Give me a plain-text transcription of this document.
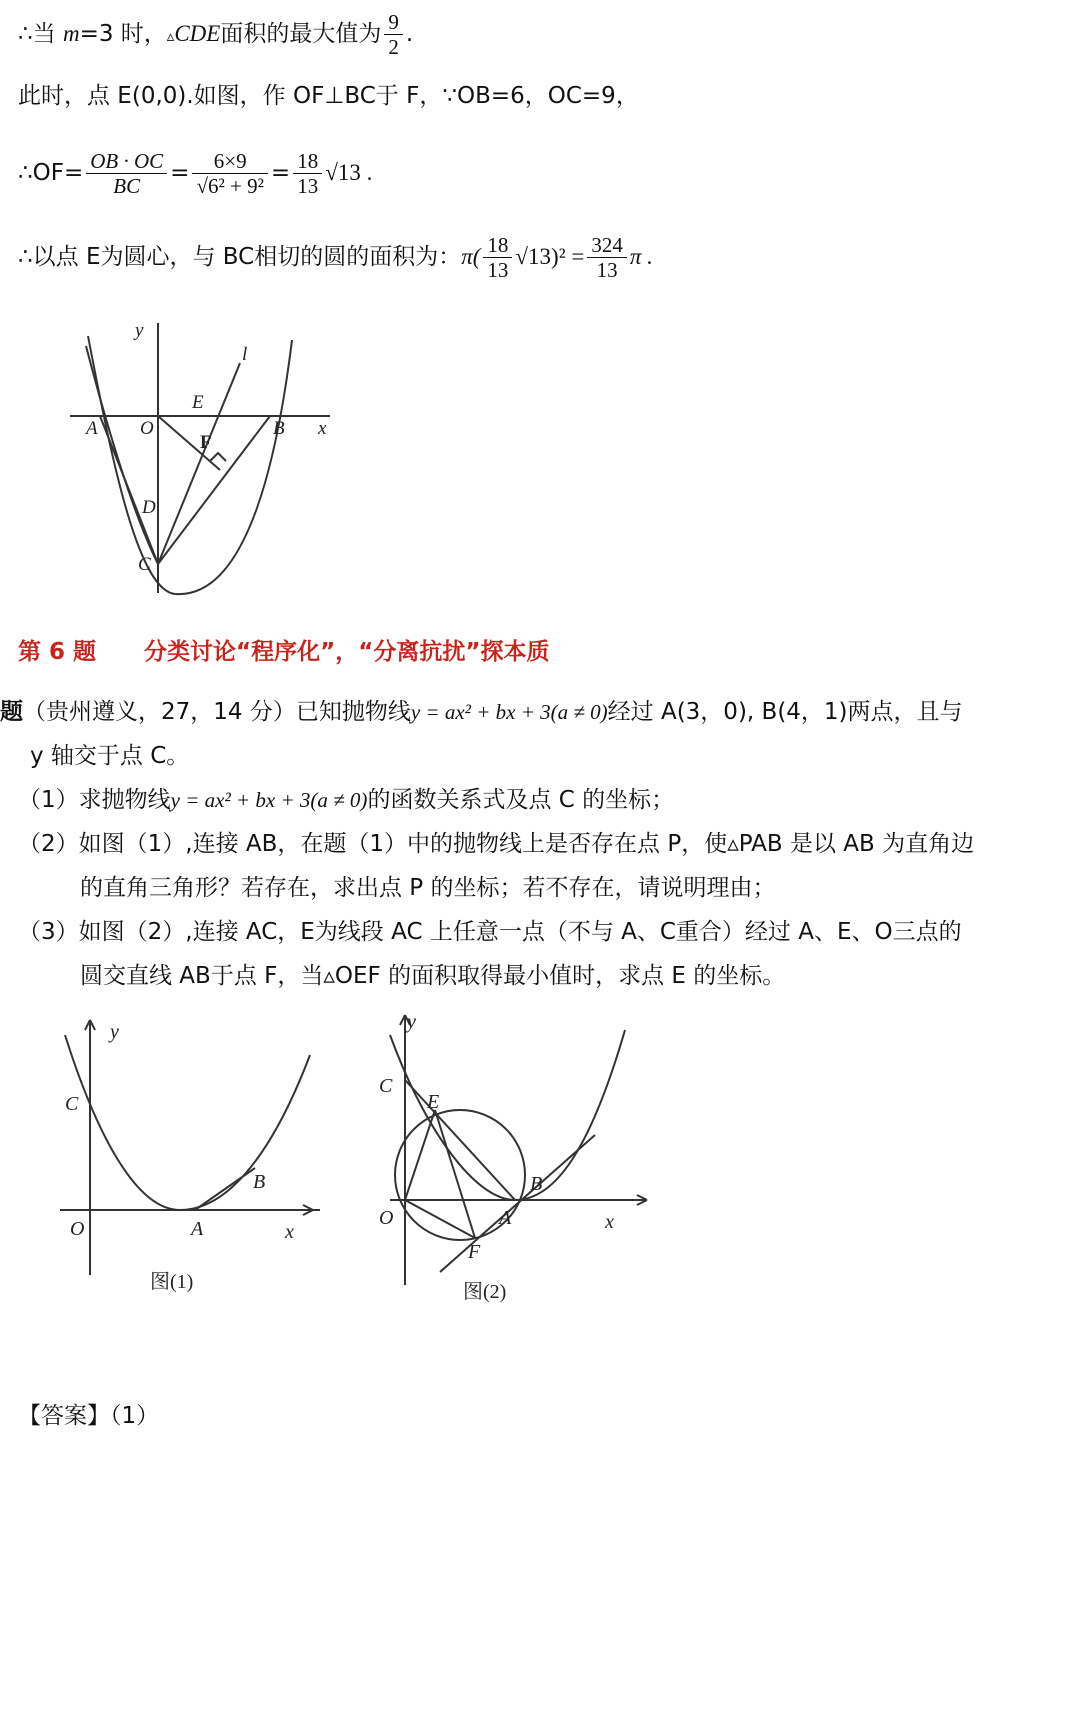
∴当 m=3 时，▵CDE面积的最大值为 $\frac{9}{2}$ .
此时，点 E(0,0).如图，作 OF⊥BC于 F，∵OB=6，OC=9，
∴OF= $\frac{OB \cdot OC}{BC} = \frac{6\times 9}{\text{√6² + 9²}} = \frac{18}{13} √13$ .
∴以点 E为圆心，与 BC相切的圆的面积为：$\pi( \frac{18}{13} √13)^2 = \frac{324}{13}$ π .
y
l
E
A O	B x
F
D
C
第 6 题 分类讨论“程序化”，“分离抗扰”探本质
题（贵州遵义，27，14 分）已知抛物线y = ax² + bx + 3(a ≠ 0)经过 A(3，0), B(4，1)两点，且与
y 轴交于点 C。
（1）求抛物线y = ax² + bx + 3(a ≠ 0)的函数关系式及点 C 的坐标；
（2）如图（1）,连接 AB，在题（1）中的抛物线上是否存在点 P，使▵PAB 是以 AB 为直角边
的直角三角形？若存在，求出点 P 的坐标；若不存在，请说明理由；
（3）如图（2）,连接 AC，E为线段 AC 上任意一点（不与 A、C重合）经过 A、E、O三点的
圆交直线 AB于点 F，当▵OEF 的面积取得最小值时，求点 E 的坐标。
y
C
B
O	A	x
图(1)
y
C
E
B
O	A	x
F
图(2)
【答案】（1）
